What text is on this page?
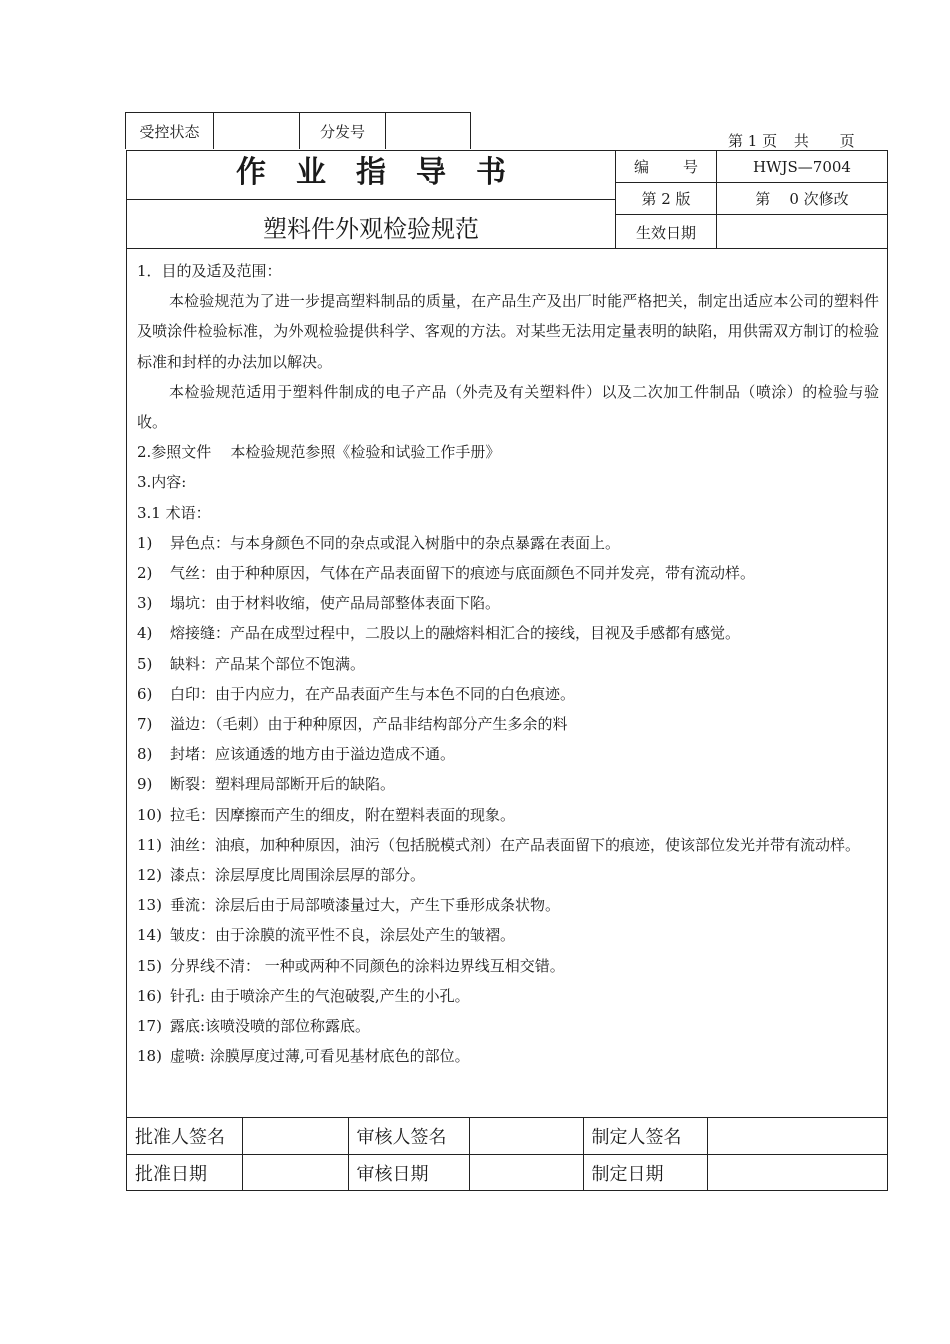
受控状态	分发号
第 1 页 共 页
作业指导书
塑料件外观检验规范
编 号	HWJS—7004
第 2 版	第    0 次修改
生效日期

1．目的及适及范围：

本检验规范为了进一步提高塑料制品的质量，在产品生产及出厂时能严格把关，制定出适应本公司的塑料件及喷涂件检验标准，为外观检验提供科学、客观的方法。对某些无法用定量表明的缺陷，用供需双方制订的检验标准和封样的办法加以解决。

本检验规范适用于塑料件制成的电子产品（外壳及有关塑料件）以及二次加工件制品（喷涂）的检验与验收。

2.参照文件    本检验规范参照《检验和试验工作手册》

3.内容:

3.1 术语：

1)	异色点：与本身颜色不同的杂点或混入树脂中的杂点暴露在表面上。
2)	气丝：由于种种原因，气体在产品表面留下的痕迹与底面颜色不同并发亮，带有流动样。
3)	塌坑：由于材料收缩，使产品局部整体表面下陷。
4)	熔接缝：产品在成型过程中，二股以上的融熔料相汇合的接线，目视及手感都有感觉。
5)	缺料：产品某个部位不饱满。
6)	白印：由于内应力，在产品表面产生与本色不同的白色痕迹。
7)	溢边：（毛刺）由于种种原因，产品非结构部分产生多余的料
8)	封堵：应该通透的地方由于溢边造成不通。
9)	断裂：塑料理局部断开后的缺陷。
10) 拉毛：因摩擦而产生的细皮，附在塑料表面的现象。
11) 油丝：油痕，加种种原因，油污（包括脱模式剂）在产品表面留下的痕迹，使该部位发光并带有流动样。
12) 漆点：涂层厚度比周围涂层厚的部分。
13) 垂流：涂层后由于局部喷漆量过大，产生下垂形成条状物。
14) 皱皮：由于涂膜的流平性不良，涂层处产生的皱褶。
15) 分界线不清： 一种或两种不同颜色的涂料边界线互相交错。
16) 针孔: 由于喷涂产生的气泡破裂,产生的小孔。
17) 露底:该喷没喷的部位称露底。
18) 虚喷: 涂膜厚度过薄,可看见基材底色的部位。
批准人签名		审核人签名		制定人签名	
批准日期		审核日期		制定日期	
